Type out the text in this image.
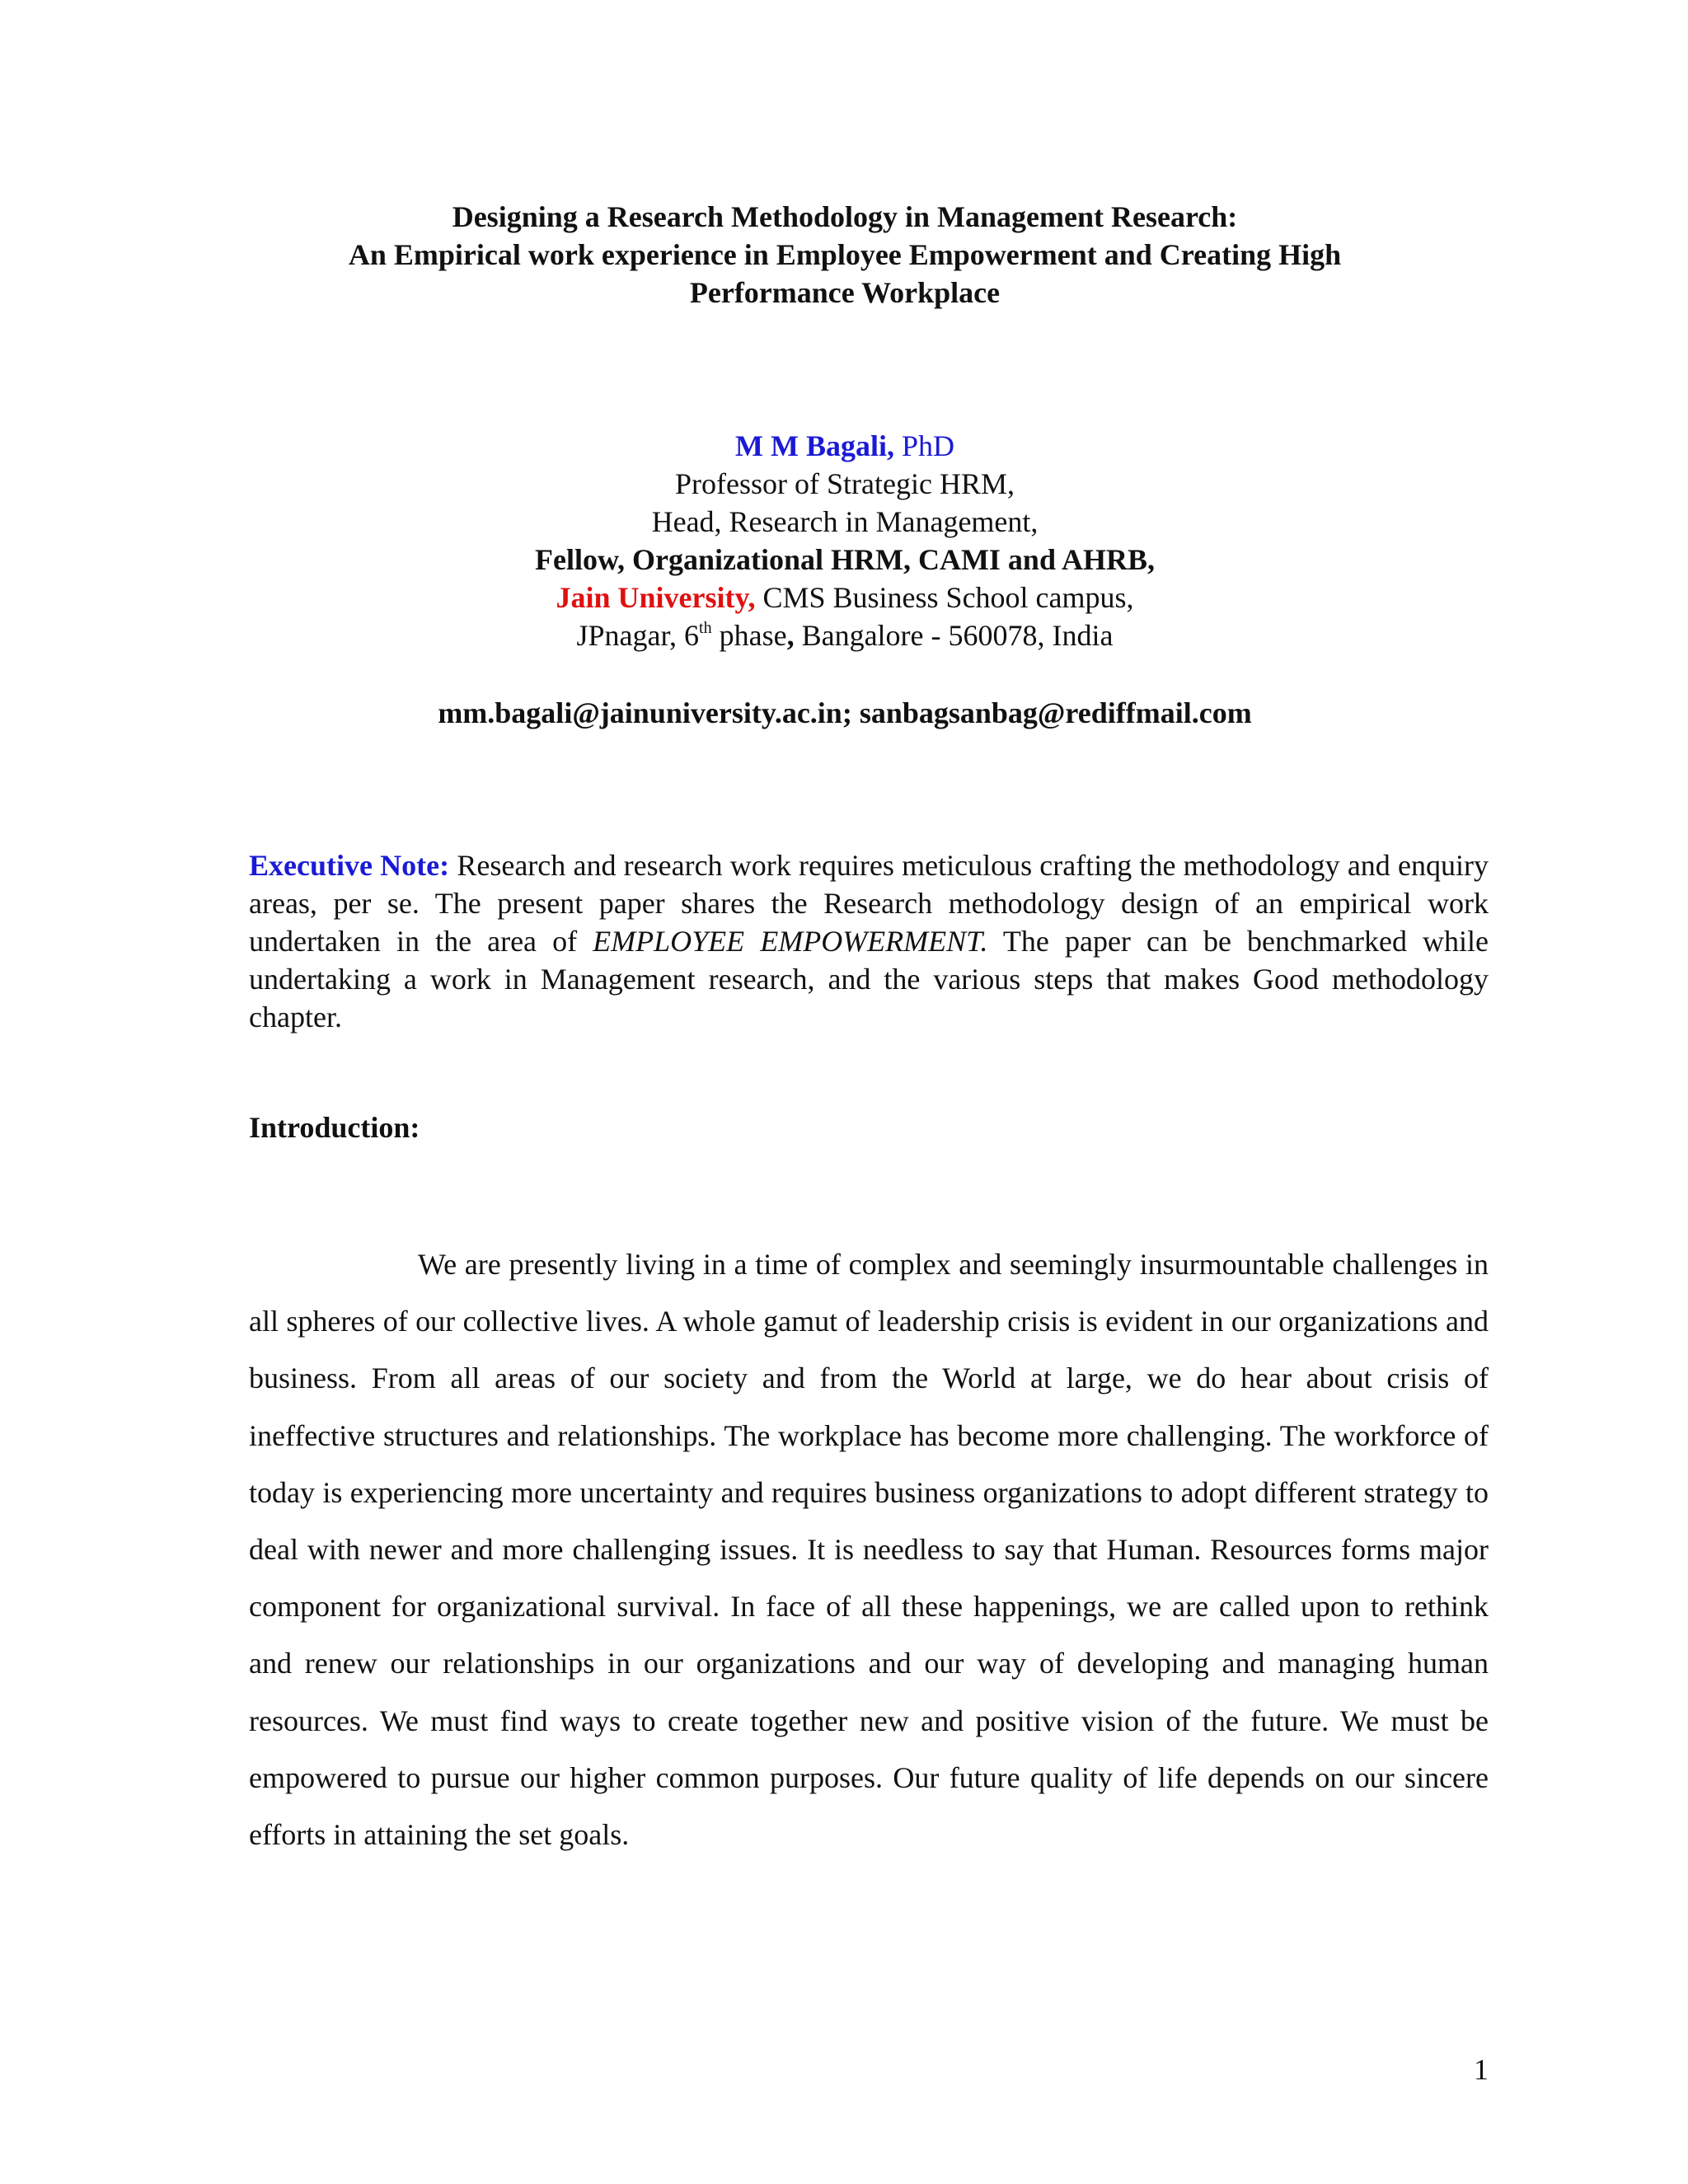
Designing a Research Methodology in Management Research:
An Empirical work experience in Employee Empowerment and Creating High
Performance Workplace
M M Bagali, PhD
Professor of Strategic HRM,
Head, Research in Management,
Fellow, Organizational HRM, CAMI and AHRB,
Jain University, CMS Business School campus,
JPnagar, 6th phase, Bangalore - 560078, India
mm.bagali@jainuniversity.ac.in; sanbagsanbag@rediffmail.com
Executive Note: Research and research work requires meticulous crafting the methodology and enquiry areas, per se. The present paper shares the Research methodology design of an empirical work undertaken in the area of EMPLOYEE EMPOWERMENT. The paper can be benchmarked while undertaking a work in Management research, and the various steps that makes Good methodology chapter.
Introduction:
We are presently living in a time of complex and seemingly insurmountable challenges in all spheres of our collective lives. A whole gamut of leadership crisis is evident in our organizations and business. From all areas of our society and from the World at large, we do hear about crisis of ineffective structures and relationships. The workplace has become more challenging. The workforce of today is experiencing more uncertainty and requires business organizations to adopt different strategy to deal with newer and more challenging issues. It is needless to say that Human. Resources forms major component for organizational survival. In face of all these happenings, we are called upon to rethink and renew our relationships in our organizations and our way of developing and managing human resources. We must find ways to create together new and positive vision of the future. We must be empowered to pursue our higher common purposes. Our future quality of life depends on our sincere efforts in attaining the set goals.
1
